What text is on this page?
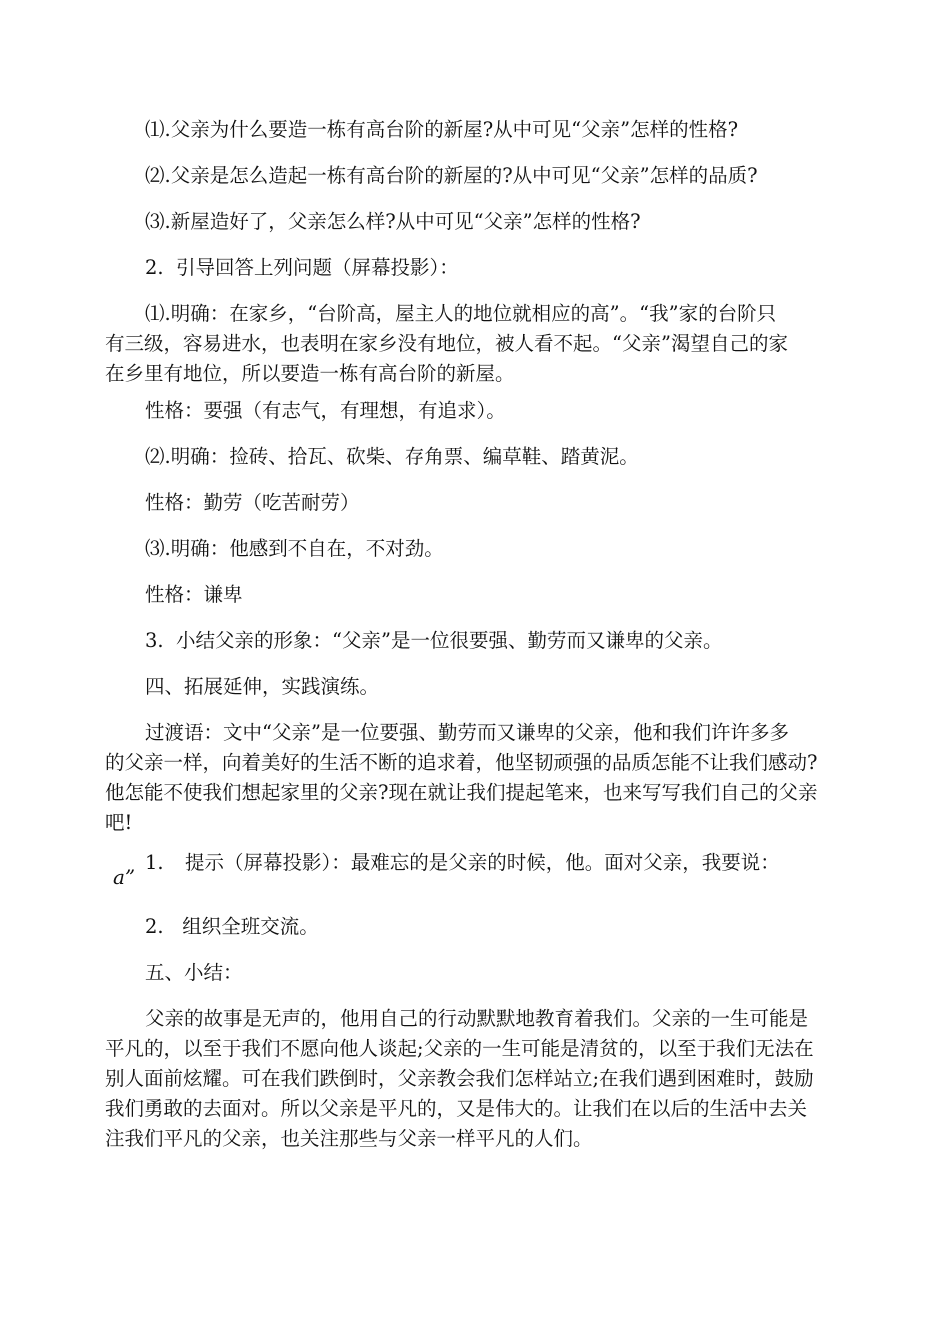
⑴.父亲为什么要造一栋有高台阶的新屋?从中可见“父亲”怎样的性格?
⑵.父亲是怎么造起一栋有高台阶的新屋的?从中可见“父亲”怎样的品质?
⑶.新屋造好了，父亲怎么样?从中可见“父亲”怎样的性格?
2.  引导回答上列问题（屏幕投影）：
⑴.明确：在家乡，“台阶高，屋主人的地位就相应的高”。“我”家的台阶只
有三级，容易进水，也表明在家乡没有地位，被人看不起。“父亲”渴望自己的家
在乡里有地位，所以要造一栋有高台阶的新屋。
性格：要强（有志气，有理想，有追求）。
⑵.明确：捡砖、拾瓦、砍柴、存角票、编草鞋、踏黄泥。
性格：勤劳（吃苦耐劳）
⑶.明确：他感到不自在，不对劲。
性格：谦卑
3.  小结父亲的形象：“父亲”是一位很要强、勤劳而又谦卑的父亲。
四、拓展延伸，实践演练。
过渡语：文中“父亲”是一位要强、勤劳而又谦卑的父亲，他和我们许许多多
的父亲一样，向着美好的生活不断的追求着，他坚韧顽强的品质怎能不让我们感动?
他怎能不使我们想起家里的父亲?现在就让我们提起笔来，也来写写我们自己的父亲
吧!
1. 提示（屏幕投影）：最难忘的是父亲的时候，他。面对父亲，我要说：
a”
2.   组织全班交流。
五、小结：
父亲的故事是无声的，他用自己的行动默默地教育着我们。父亲的一生可能是
平凡的，以至于我们不愿向他人谈起;父亲的一生可能是清贫的，以至于我们无法在
别人面前炫耀。可在我们跌倒时，父亲教会我们怎样站立;在我们遇到困难时，鼓励
我们勇敢的去面对。所以父亲是平凡的，又是伟大的。让我们在以后的生活中去关
注我们平凡的父亲，也关注那些与父亲一样平凡的人们。
